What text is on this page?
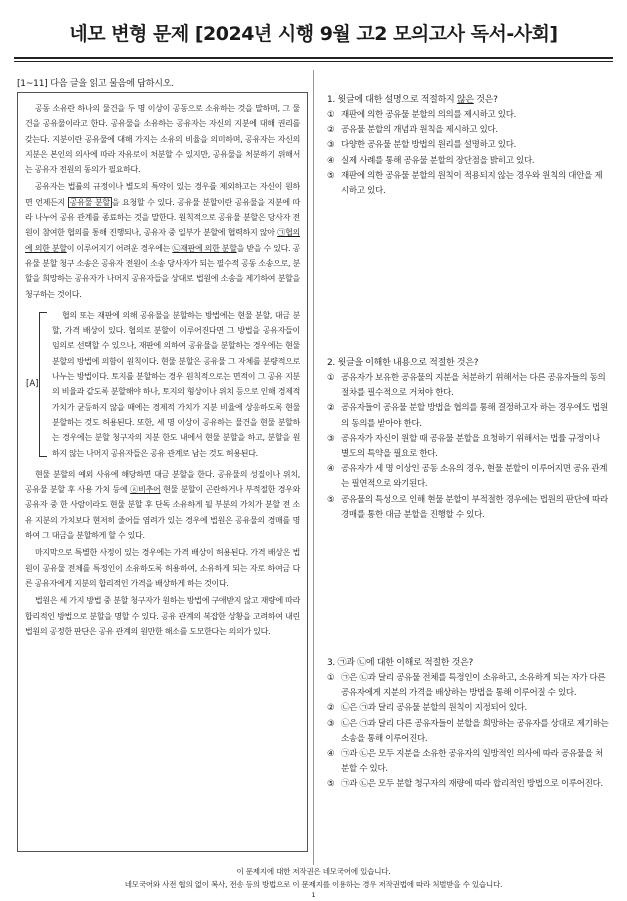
네모 변형 문제 [2024년 시행 9월 고2 모의고사 독서-사회]
[1~11] 다음 글을 읽고 물음에 답하시오.

공동 소유란 하나의 물건을 두 명 이상이 공동으로 소유하는 것을 말하며, 그 물건을 공유물이라고 한다. 공유물을 소유하는 공유자는 자신의 지분에 대해 권리를 갖는다. 지분이란 공유물에 대해 가지는 소유의 비율을 의미하며, 공유자는 자신의 지분은 본인의 의사에 따라 자유로이 처분할 수 있지만, 공유물을 처분하기 위해서는 공유자 전원의 동의가 필요하다.

공유자는 법률의 규정이나 별도의 특약이 있는 경우를 제외하고는 자신이 원하면 언제든지 공유물 분할 을 요청할 수 있다. 공유물 분할이란 공유물을 지분에 따라 나누어 공유 관계를 종료하는 것을 말한다. 원칙적으로 공유물 분할은 당사자 전원이 참여한 협의를 통해 진행되나, 공유자 중 일부가 분할에 협력하지 않아 ㉠협의에 의한 분할이 이루어지기 어려운 경우에는 ㉡재판에 의한 분할을 받을 수 있다. 공유물 분할 청구 소송은 공유자 전원이 소송 당사자가 되는 필수적 공동 소송으로, 분할을 희망하는 공유자가 나머지 공유자들을 상대로 법원에 소송을 제기하여 분할을 청구하는 것이다.

[A]

협의 또는 재판에 의해 공유물을 분할하는 방법에는 현물 분할, 대금 분할, 가격 배상이 있다. 협의로 분할이 이루어진다면 그 방법을 공유자들이 임의로 선택할 수 있으나, 재판에 의하여 공유물을 분할하는 경우에는 현물 분할의 방법에 의함이 원칙이다. 현물 분할은 공유물 그 자체를 분량적으로 나누는 방법이다. 토지를 분할하는 경우 원칙적으로는 면적이 그 공유 지분의 비율과 같도록 분할해야 하나, 토지의 형상이나 위치 등으로 인해 경제적 가치가 균등하지 않을 때에는 경제적 가치가 지분 비율에 상응하도록 현물 분할하는 것도 허용된다. 또한, 세 명 이상이 공유하는 물건을 현물 분할하는 경우에는 분할 청구자의 지분 한도 내에서 현물 분할을 하고, 분할을 원하지 않는 나머지 공유자들은 공유 관계로 남는 것도 허용된다.

현물 분할의 예외 사유에 해당하면 대금 분할을 한다. 공유물의 성질이나 위치, 공유물 분할 후 사용 가치 등에 ⓐ비추어 현물 분할이 곤란하거나 부적절한 경우와 공유자 중 한 사람이라도 현물 분할 후 단독 소유하게 될 부분의 가치가 분할 전 소유 지분의 가치보다 현저히 줄어들 염려가 있는 경우에 법원은 공유물의 경매를 명하여 그 대금을 분할하게 할 수 있다.

마지막으로 특별한 사정이 있는 경우에는 가격 배상이 허용된다. 가격 배상은 법원이 공유물 전체를 특정인이 소유하도록 허용하여, 소유하게 되는 자로 하여금 다른 공유자에게 지분의 합리적인 가격을 배상하게 하는 것이다.

법원은 세 가지 방법 중 분할 청구자가 원하는 방법에 구애받지 않고 재량에 따라 합리적인 방법으로 분할을 명할 수 있다. 공유 관계의 복잡한 상황을 고려하여 내린 법원의 공정한 판단은 공유 관계의 원만한 해소를 도모한다는 의의가 있다.

1. 윗글에 대한 설명으로 적절하지 않은 것은?
① 재판에 의한 공유물 분할의 의의를 제시하고 있다.
② 공유물 분할의 개념과 원칙을 제시하고 있다.
③ 다양한 공유물 분할 방법의 원리를 설명하고 있다.
④ 실제 사례를 통해 공유물 분할의 장단점을 밝히고 있다.
⑤ 재판에 의한 공유물 분할의 원칙이 적용되지 않는 경우와 원칙의 대안을 제시하고 있다.
2. 윗글을 이해한 내용으로 적절한 것은?
① 공유자가 보유한 공유물의 지분을 처분하기 위해서는 다른 공유자들의 동의 절차를 필수적으로 거쳐야 한다.
② 공유자들이 공유물 분할 방법을 협의를 통해 결정하고자 하는 경우에도 법원의 동의를 받아야 한다.
③ 공유자가 자신이 원할 때 공유물 분할을 요청하기 위해서는 법률 규정이나 별도의 특약을 필요로 한다.
④ 공유자가 세 명 이상인 공동 소유의 경우, 현물 분할이 이루어지면 공유 관계는 필연적으로 와기된다.
⑤ 공유물의 특성으로 인해 현물 분할이 부적절한 경우에는 법원의 판단에 따라 경매를 통한 대금 분할을 진행할 수 있다.
3. ㉠과 ㉡에 대한 이해로 적절한 것은?
① ㉠은 ㉡과 달리 공유물 전체를 특정인이 소유하고, 소유하게 되는 자가 다른 공유자에게 지분의 가격을 배상하는 방법을 통해 이루어질 수 있다.
② ㉡은 ㉠과 달리 공유물 분할의 원칙이 지정되어 있다.
③ ㉡은 ㉠과 달리 다른 공유자들이 분할을 희망하는 공유자를 상대로 제기하는 소송을 통해 이루어진다.
④ ㉠과 ㉡은 모두 지분을 소유한 공유자의 일방적인 의사에 따라 공유물을 처분할 수 있다.
⑤ ㉠과 ㉡은 모두 분할 청구자의 재량에 따라 합리적인 방법으로 이루어진다.
이 문제지에 대한 저작권은 네모국어에 있습니다.
네모국어와 사전 협의 없이 복사, 전송 등의 방법으로 이 문제지를 이용하는 경우 저작권법에 따라 처벌받을 수 있습니다.
1
